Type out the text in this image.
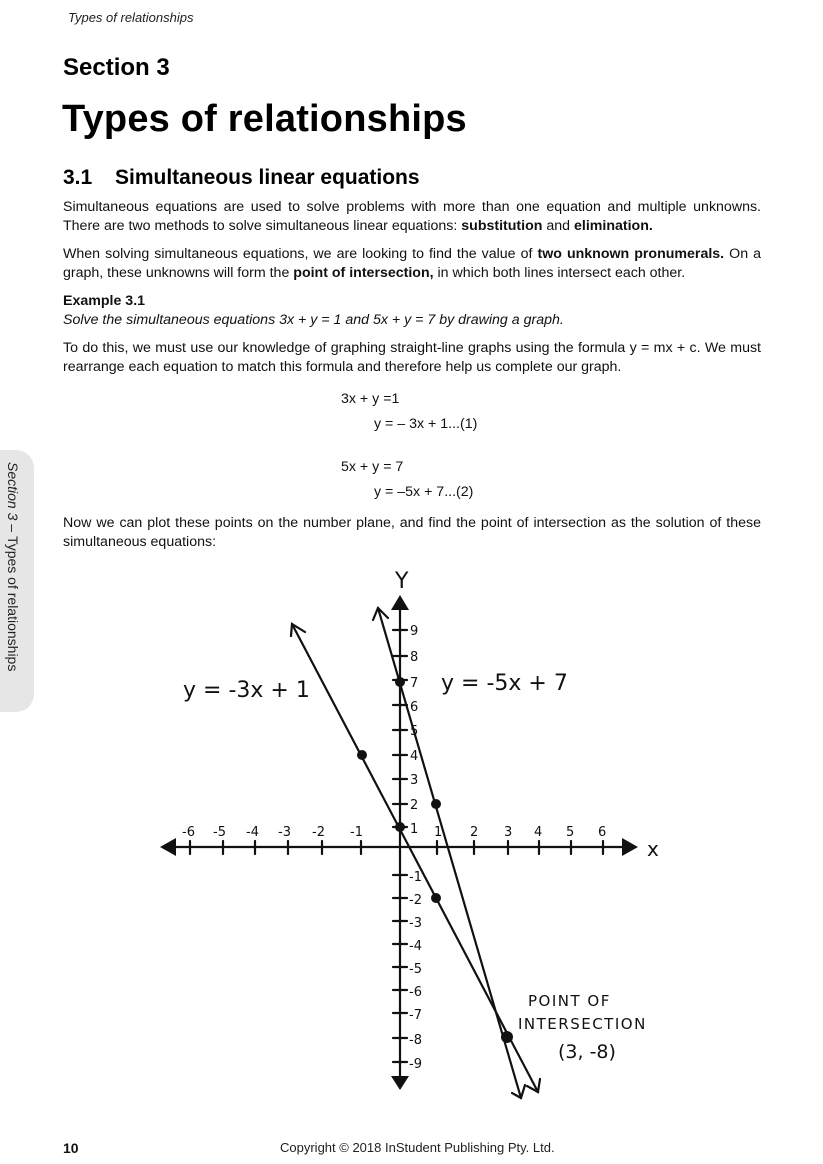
Types of relationships
Section 3
Types of relationships
3.1 Simultaneous linear equations
Simultaneous equations are used to solve problems with more than one equation and multiple unknowns. There are two methods to solve simultaneous linear equations: substitution and elimination.
When solving simultaneous equations, we are looking to find the value of two unknown pronumerals. On a graph, these unknowns will form the point of intersection, in which both lines intersect each other.
Example 3.1
Solve the simultaneous equations 3x + y = 1 and 5x + y = 7 by drawing a graph.
To do this, we must use our knowledge of graphing straight-line graphs using the formula y = mx + c. We must rearrange each equation to match this formula and therefore help us complete our graph.
3x + y =1
y = – 3x + 1...(1)
5x + y = 7
y = –5x + 7...(2)
Now we can plot these points on the number plane, and find the point of intersection as the solution of these simultaneous equations:
Section 3 – Types of relationships	Y
x
-6 -5 -4 -3 -2 -1	1 2 3 4 5 6
1
2
3
4
5
6
7
8
9
-1
-2
-3
-4
-5
-6
-7
-8
-9
y = -3x + 1	y = -5x + 7
POINT OF
INTERSECTION
(3, -8)
10	Copyright © 2018 InStudent Publishing Pty. Ltd.
